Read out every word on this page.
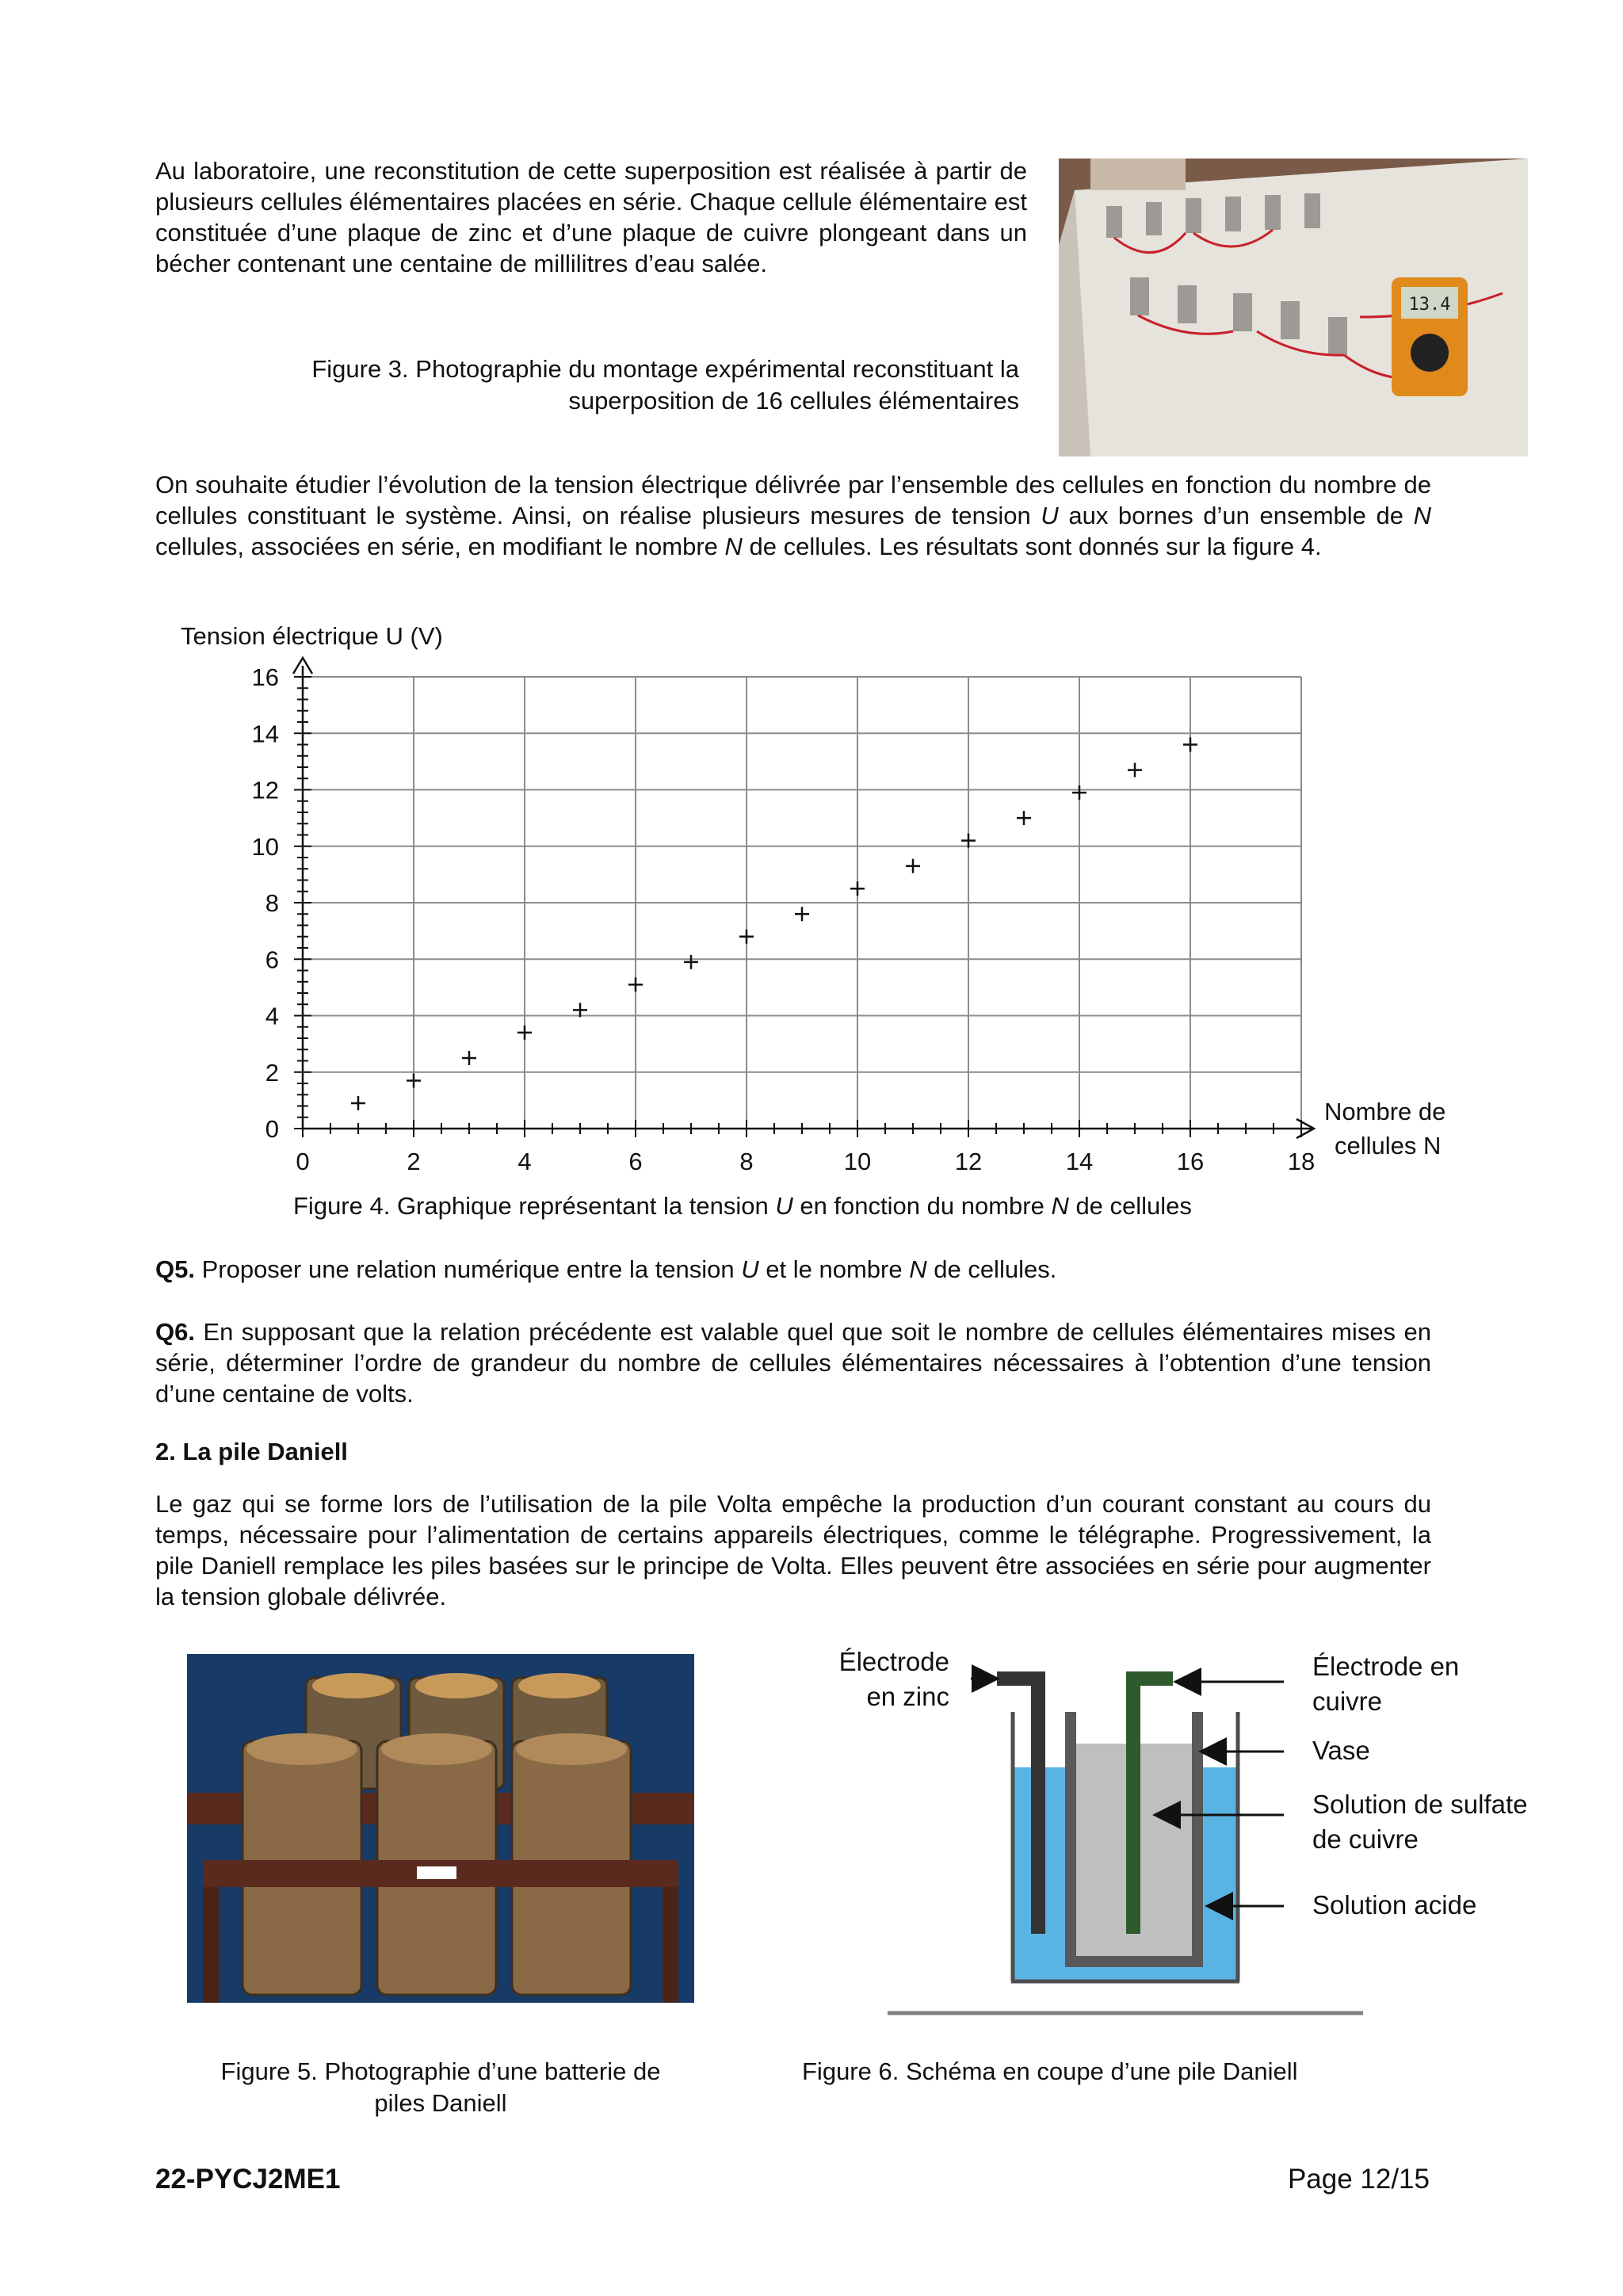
Au laboratoire, une reconstitution de cette superposition est réalisée à partir de plusieurs cellules élémentaires placées en série. Chaque cellule élémentaire est constituée d’une plaque de zinc et d’une plaque de cuivre plongeant dans un bécher contenant une centaine de millilitres d’eau salée.

Figure 3. Photographie du montage expérimental reconstituant la
superposition de 16 cellules élémentaires
13.4

On souhaite étudier l’évolution de la tension électrique délivrée par l’ensemble des cellules en fonction du nombre de cellules constituant le système. Ainsi, on réalise plusieurs mesures de tension U aux bornes d’un ensemble de N cellules, associées en série, en modifiant le nombre N de cellules. Les résultats sont donnés sur la figure 4.

Tension électrique U (V)
0	2	4	6	8	10	12	14	16	18
0
2
4
6
8
10
12
14
16
Nombre de
cellules N
Figure 4. Graphique représentant la tension U en fonction du nombre N de cellules

Q5. Proposer une relation numérique entre la tension U et le nombre N de cellules.

Q6. En supposant que la relation précédente est valable quel que soit le nombre de cellules élémentaires mises en série, déterminer l’ordre de grandeur du nombre de cellules élémentaires nécessaires à l’obtention d’une tension d’une centaine de volts.

2. La pile Daniell

Le gaz qui se forme lors de l’utilisation de la pile Volta empêche la production d’un courant constant au cours du temps, nécessaire pour l’alimentation de certains appareils électriques, comme le télégraphe. Progressivement, la pile Daniell remplace les piles basées sur le principe de Volta. Elles peuvent être associées en série pour augmenter la tension globale délivrée.

Électrode
en zinc
Électrode en
cuivre
Vase
Solution de sulfate
de cuivre
Solution acide
Figure 5. Photographie d’une batterie de
piles Daniell
Figure 6. Schéma en coupe d’une pile Daniell
22-PYCJ2ME1	Page 12/15
